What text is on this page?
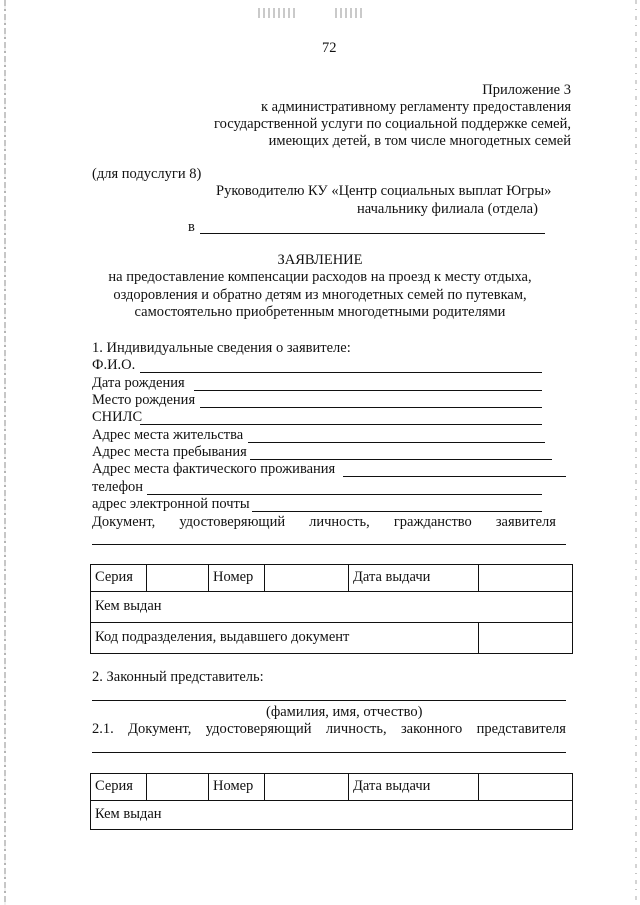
72
Приложение 3
к административному регламенту предоставления
государственной услуги по социальной поддержке семей,
имеющих детей, в том числе многодетных семей
(для подуслуги 8)
Руководителю КУ «Центр социальных выплат Югры»
начальнику филиала (отдела)
в
ЗАЯВЛЕНИЕ
на предоставление компенсации расходов на проезд к месту отдыха,
оздоровления и обратно детям из многодетных семей по путевкам,
самостоятельно приобретенным многодетными родителями
1. Индивидуальные сведения о заявителе:
Ф.И.О.
Дата рождения
Место рождения
СНИЛС
Адрес места жительства
Адрес места пребывания
Адрес места фактического проживания
телефон
адрес электронной почты
Документ, удостоверяющий личность, гражданство заявителя
Серия		Номер		Дата выдачи	
Кем выдан					
Код подразделения, выдавшего документ					
2. Законный представитель:
(фамилия, имя, отчество)
2.1. Документ, удостоверяющий личность, законного представителя
Серия		Номер		Дата выдачи	
Кем выдан
